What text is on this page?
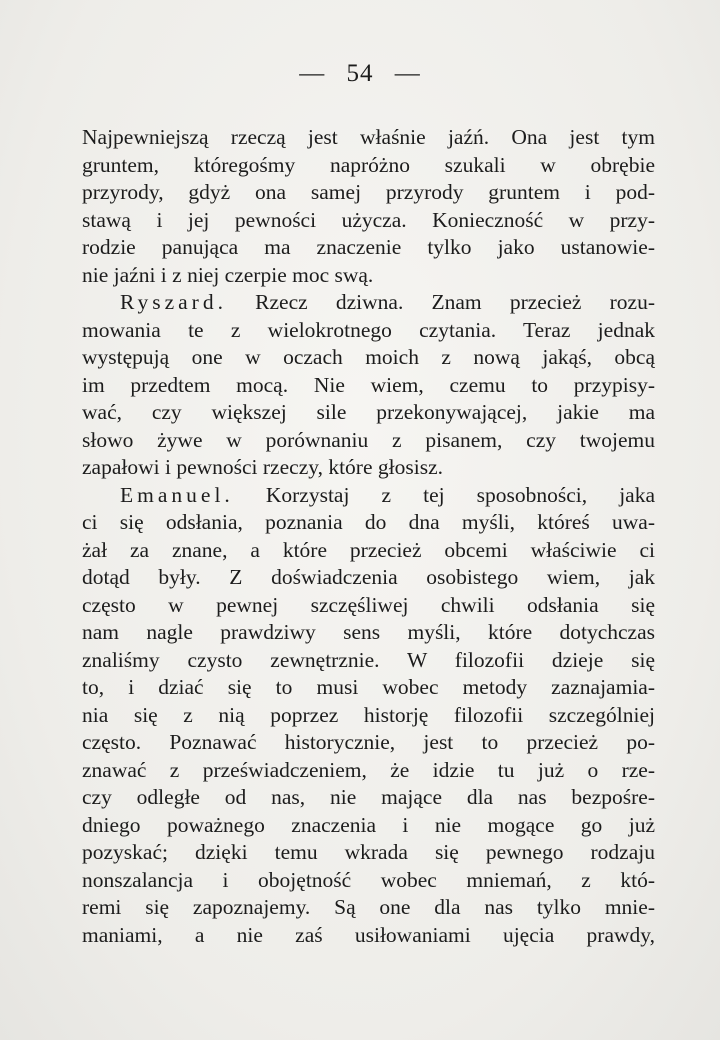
— 54 —
Najpewniejszą rzeczą jest właśnie jaźń. Ona jest tym
gruntem, któregośmy napróżno szukali w obrębie
przyrody, gdyż ona samej przyrody gruntem i pod-
stawą i jej pewności użycza. Konieczność w przy-
rodzie panująca ma znaczenie tylko jako ustanowie-
nie jaźni i z niej czerpie moc swą.
Ryszard. Rzecz dziwna. Znam przecież rozu-
mowania te z wielokrotnego czytania. Teraz jednak
występują one w oczach moich z nową jakąś, obcą
im przedtem mocą. Nie wiem, czemu to przypisy-
wać, czy większej sile przekonywającej, jakie ma
słowo żywe w porównaniu z pisanem, czy twojemu
zapałowi i pewności rzeczy, które głosisz.
Emanuel. Korzystaj z tej sposobności, jaka
ci się odsłania, poznania do dna myśli, któreś uwa-
żał za znane, a które przecież obcemi właściwie ci
dotąd były. Z doświadczenia osobistego wiem, jak
często w pewnej szczęśliwej chwili odsłania się
nam nagle prawdziwy sens myśli, które dotychczas
znaliśmy czysto zewnętrznie. W filozofii dzieje się
to, i dziać się to musi wobec metody zaznajamia-
nia się z nią poprzez historję filozofii szczególniej
często. Poznawać historycznie, jest to przecież po-
znawać z przeświadczeniem, że idzie tu już o rze-
czy odległe od nas, nie mające dla nas bezpośre-
dniego poważnego znaczenia i nie mogące go już
pozyskać; dzięki temu wkrada się pewnego rodzaju
nonszalancja i obojętność wobec mniemań, z któ-
remi się zapoznajemy. Są one dla nas tylko mnie-
maniami, a nie zaś usiłowaniami ujęcia prawdy,
